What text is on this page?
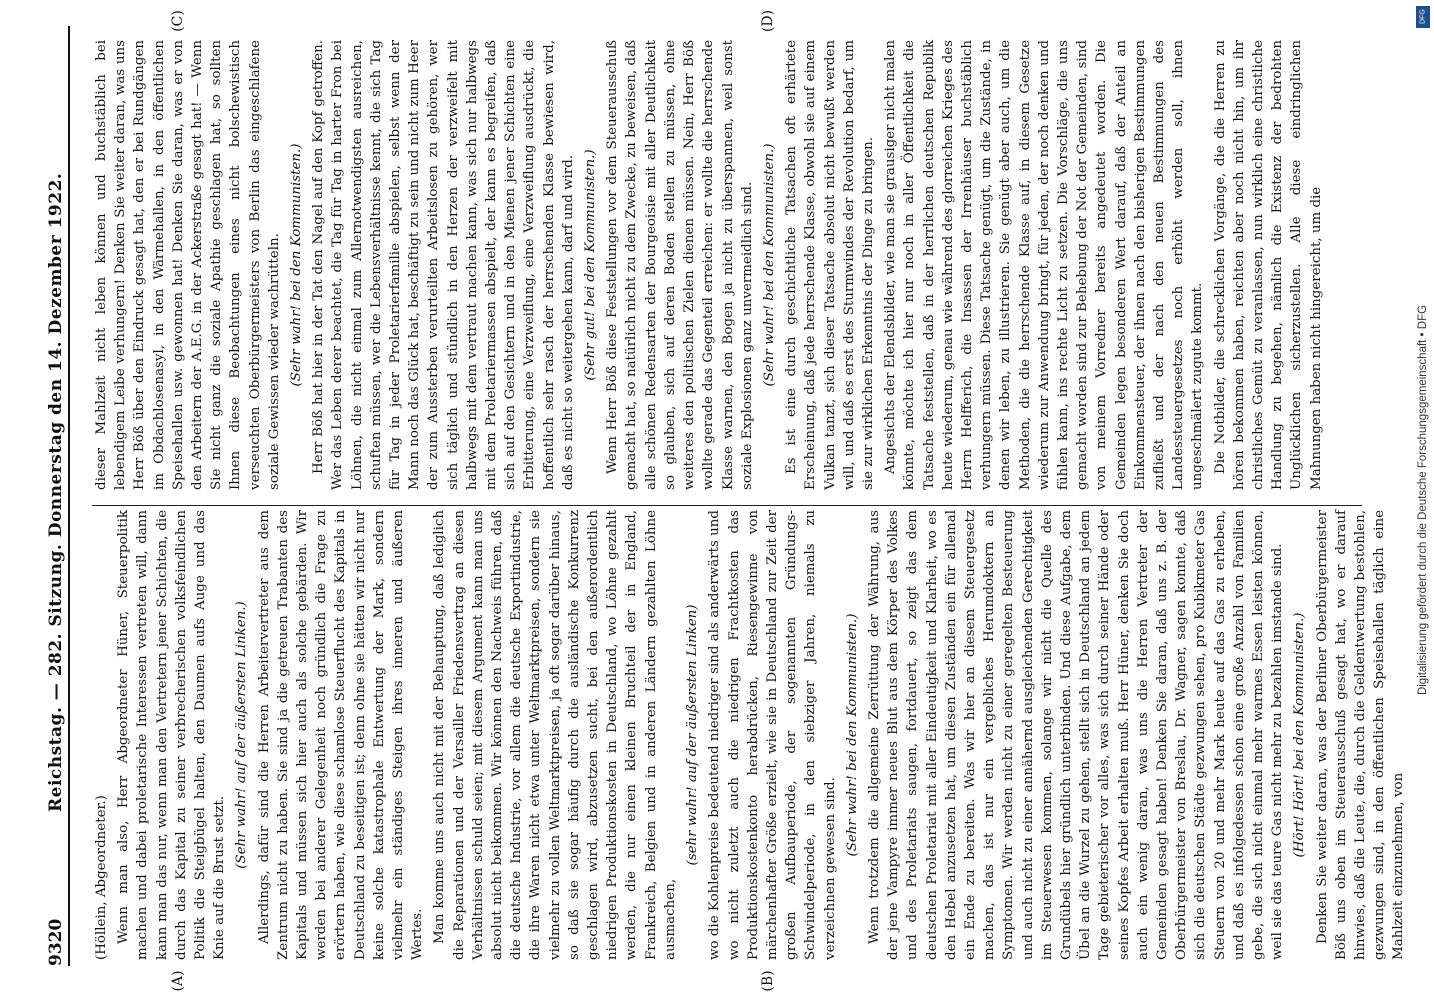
9320
Reichstag. — 282. Sitzung. Donnerstag den 14. Dezember 1922.
(A)	(B)
(C)	(D)

(Höllein, Abgeordneter.) Wenn man also, Herr Abgeordneter Hüner, Steuerpolitik machen und dabei proletarische Interessen vertreten will, dann kann man das nur, wenn man den Vertretern jener Schichten, die durch das Kapital zu seiner verbrecherischen volksfeindlichen Politik die Steigbügel halten, den Daumen aufs Auge und das Knie auf die Brust setzt.

(Sehr wahr! auf der äußersten Linken.) Allerdings, dafür sind die Herren Arbeitervertreter aus dem Zentrum nicht zu haben. Sie sind ja die getreuen Trabanten des Kapitals und müssen sich hier auch als solche gebärden. Wir werden bei anderer Gelegenheit noch gründlich die Frage zu erörtern haben, wie diese schamlose Steuerflucht des Kapitals in Deutschland zu beseitigen ist; denn ohne sie hätten wir nicht nur keine solche katastrophale Entwertung der Mark, sondern vielmehr ein ständiges Steigen ihres inneren und äußeren Wertes. Man komme uns auch nicht mit der Behauptung, daß lediglich die Reparationen und der Versailler Friedensvertrag an diesen Verhältnissen schuld seien; mit diesem Argument kann man uns absolut nicht beikommen. Wir können den Nachweis führen, daß die deutsche Industrie, vor allem die deutsche Exportindustrie, die ihre Waren nicht etwa unter Weltmarktpreisen, sondern sie vielmehr zu vollen Weltmarktpreisen, ja oft sogar darüber hinaus, so daß sie sogar häufig durch die ausländische Konkurrenz geschlagen wird, abzusetzen sucht, bei den außerordentlich niedrigen Produktionskosten in Deutschland, wo Löhne gezahlt werden, die nur einen kleinen Bruchteil der in England, Frankreich, Belgien und in anderen Ländern gezahlten Löhne ausmachen,

(sehr wahr! auf der äußersten Linken) wo die Kohlenpreise bedeutend niedriger sind als anderwärts und wo nicht zuletzt auch die niedrigen Frachtkosten das Produktionskostenkonto herabdrücken, Riesengewinne von märchenhafter Größe erzielt, wie sie in Deutschland zur Zeit der großen Aufbauperiode, der sogenannten Gründungs-Schwindelperiode, in den siebziger Jahren, niemals zu verzeichnen gewesen sind.

(Sehr wahr! bei den Kommunisten.) Wenn trotzdem die allgemeine Zerrüttung der Währung, aus der jene Vampyre immer neues Blut aus dem Körper des Volkes und des Proletariats saugen, fortdauert, so zeigt das dem deutschen Proletariat mit aller Eindeutigkeit und Klarheit, wo es den Hebel anzusetzen hat, um diesen Zuständen ein für allemal ein Ende zu bereiten. Was wir hier an diesem Steuergesetz machen, das ist nur ein vergebliches Herumdoktern an Symptomen. Wir werden nicht zu einer geregelten Besteuerung und auch nicht zu einer annähernd ausgleichenden Gerechtigkeit im Steuerwesen kommen, solange wir nicht die Quelle des Grundübels hier gründlich unterbinden. Und diese Aufgabe, dem Übel an die Wurzel zu gehen, stellt sich in Deutschland an jedem Tage gebieterischer vor alles, was sich durch seiner Hände oder seines Kopfes Arbeit erhalten muß. Herr Hüner, denken Sie doch auch ein wenig daran, was uns die Herren Vertreter der Gemeinden gesagt haben! Denken Sie daran, daß uns z. B. der Oberbürgermeister von Breslau, Dr. Wagner, sagen konnte, daß sich die deutschen Städte gezwungen sehen, pro Kubikmeter Gas Steuern von 20 und mehr Mark heute auf das Gas zu erheben, und daß es infolgedessen schon eine große Anzahl von Familien gebe, die sich nicht einmal mehr warmes Essen leisten können, weil sie das teure Gas nicht mehr zu bezahlen imstande sind. (Hört! Hört! bei den Kommunisten.) Denken Sie weiter daran, was der Berliner Oberbürgermeister Böß uns oben im Steuerausschuß gesagt hat, wo er darauf hinwies, daß die Leute, die, durch die Geldentwertung bestohlen, gezwungen sind, in den öffentlichen Speisehallen täglich eine Mahlzeit einzunehmen, von

dieser Mahlzeit nicht leben können und buchstäblich bei lebendigem Leibe verhungern! Denken Sie weiter daran, was uns Herr Böß über den Eindruck gesagt hat, den er bei Rundgängen im Obdachlosenasyl, in den Wärmehallen, in den öffentlichen Speisehallen usw. gewonnen hat! Denken Sie daran, was er von den Arbeitern der A.E.G. in der Ackerstraße gesagt hat! — Wenn Sie nicht ganz die soziale Apathie geschlagen hat, so sollten Ihnen diese Beobachtungen eines nicht bolschewistisch verseuchten Oberbürgermeisters von Berlin das eingeschlafene soziale Gewissen wieder wachrütteln. (Sehr wahr! bei den Kommunisten.) Herr Böß hat hier in der Tat den Nagel auf den Kopf getroffen. Wer das Leben derer beachtet, die Tag für Tag in harter Fron bei Löhnen, die nicht einmal zum Allernotwendigsten ausreichen, schuften müssen, wer die Lebensverhältnisse kennt, die sich Tag für Tag in jeder Proletarierfamilie abspielen, selbst wenn der Mann noch das Glück hat, beschäftigt zu sein und nicht zum Heer der zum Aussterben verurteilten Arbeitslosen zu gehören, wer sich täglich und stündlich in den Herzen der verzweifelt mit halbwegs mit dem vertraut machen kann, was sich nur halbwegs mit dem Proletariermassen abspielt, der kann es begreifen, daß sich auf den Gesichtern und in den Mienen jener Schichten eine Erbitterung, eine Verzweiflung, eine Verzweiflung ausdrückt, die hoffentlich sehr rasch der herrschenden Klasse bewiesen wird, daß es nicht so weitergehen kann, darf und wird. (Sehr gut! bei den Kommunisten.) Wenn Herr Böß diese Feststellungen vor dem Steuerausschuß gemacht hat, so natürlich nicht zu dem Zwecke, zu beweisen, daß alle schönen Redensarten der Bourgeoisie mit aller Deutlichkeit so glauben, sich auf deren Boden stellen zu müssen, ohne weiteres den politischen Zielen dienen müssen. Nein, Herr Böß wollte gerade das Gegenteil erreichen: er wollte die herrschende Klasse warnen, den Bogen ja nicht zu überspannen, weil sonst soziale Explosionen ganz unvermeidlich sind. (Sehr wahr! bei den Kommunisten.) Es ist eine durch geschichtliche Tatsachen oft erhärtete Erscheinung, daß jede herrschende Klasse, obwohl sie auf einem Vulkan tanzt, sich dieser Tatsache absolut nicht bewußt werden will, und daß es erst des Sturmwindes der Revolution bedarf, um sie zur wirklichen Erkenntnis der Dinge zu bringen. Angesichts der Elendsbilder, wie man sie grausiger nicht malen könnte, möchte ich hier nur noch in aller Öffentlichkeit die Tatsache feststellen, daß in der herrlichen deutschen Republik heute wiederum, genau wie während des glorreichen Krieges des Herrn Helfferich, die Insassen der Irrenhäuser buchstäblich verhungern müssen. Diese Tatsache genügt, um die Zustände, in denen wir leben, zu illustrieren. Sie genügt aber auch, um die Methoden, die die herrschende Klasse auf, in diesem Gesetze wiederum zur Anwendung bringt, für jeden, der noch denken und fühlen kann, ins rechte Licht zu setzen. Die Vorschläge, die uns gemacht worden sind zur Behebung der Not der Gemeinden, sind von meinem Vorredner bereits angedeutet worden. Die Gemeinden legen besonderen Wert darauf, daß der Anteil an Einkommensteuer, der ihnen nach den bisherigen Bestimmungen zufließt und der nach den neuen Bestimmungen des Landessteuergesetzes noch erhöht werden soll, ihnen ungeschmälert zugute kommt. Die Notbilder, die schrecklichen Vorgänge, die die Herren zu hören bekommen haben, reichten aber noch nicht hin, um ihr christliches Gemüt zu veranlassen, nun wirklich eine christliche Handlung zu begehen, nämlich die Existenz der bedrohten Unglücklichen sicherzustellen. Alle diese eindringlichen Mahnungen haben nicht hingereicht, um die	Digitalisierung gefördert durch die Deutsche Forschungsgemeinschaft • DFG
DFG
